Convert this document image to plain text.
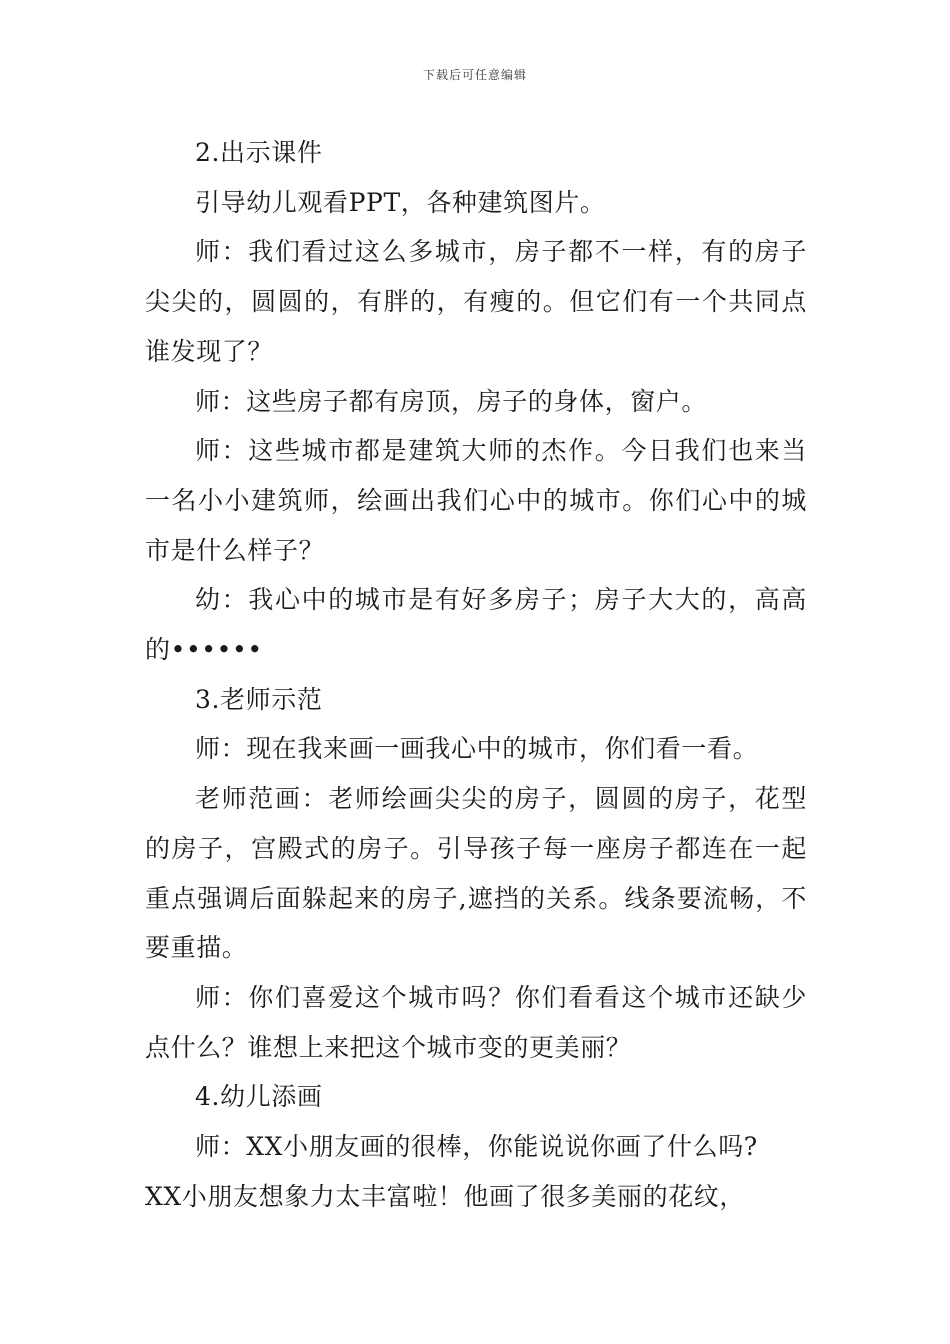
下载后可任意编辑

2.出示课件

引导幼儿观看PPT，各种建筑图片。

师：我们看过这么多城市，房子都不一样，有的房子尖尖的，圆圆的，有胖的，有瘦的。但它们有一个共同点谁发现了？

师：这些房子都有房顶，房子的身体，窗户。

师：这些城市都是建筑大师的杰作。今日我们也来当一名小小建筑师，绘画出我们心中的城市。你们心中的城市是什么样子？

幼：我心中的城市是有好多房子；房子大大的，高高的••••••

3.老师示范

师：现在我来画一画我心中的城市，你们看一看。

老师范画：老师绘画尖尖的房子，圆圆的房子，花型的房子，宫殿式的房子。引导孩子每一座房子都连在一起重点强调后面躲起来的房子,遮挡的关系。线条要流畅，不要重描。

师：你们喜爱这个城市吗？你们看看这个城市还缺少点什么？谁想上来把这个城市变的更美丽？

4.幼儿添画

师：XX小朋友画的很棒，你能说说你画了什么吗?

XX小朋友想象力太丰富啦！他画了很多美丽的花纹，
